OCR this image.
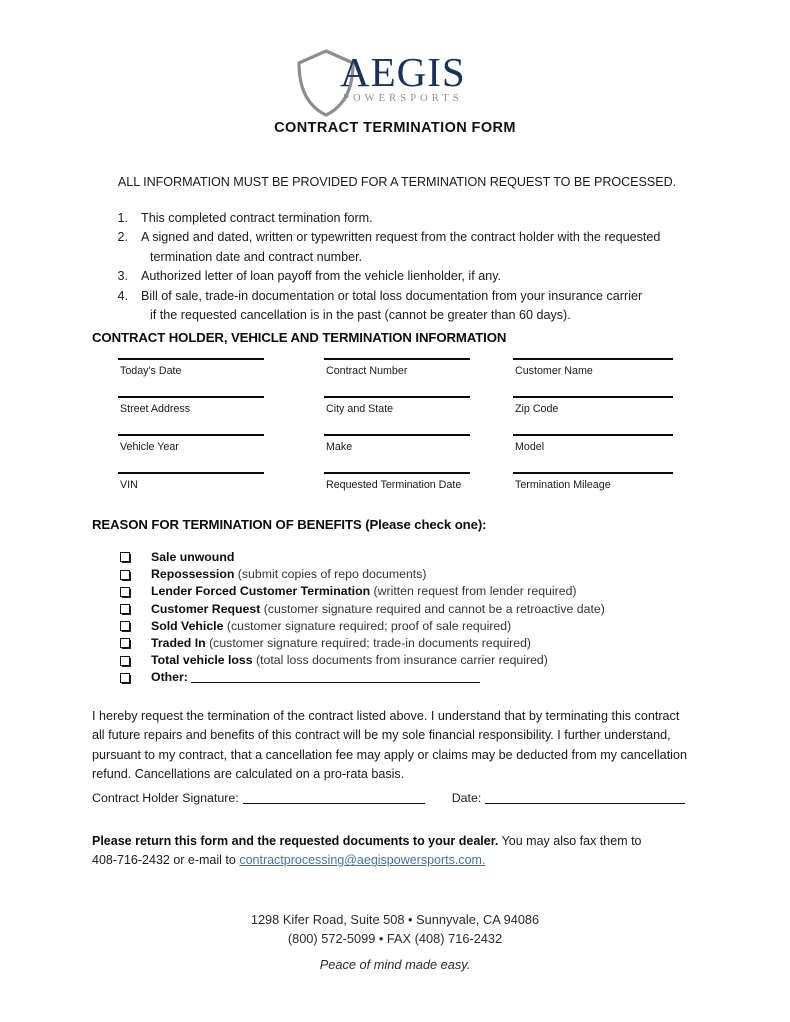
AEGIS
POWERSPORTS
CONTRACT TERMINATION FORM
ALL INFORMATION MUST BE PROVIDED FOR A TERMINATION REQUEST TO BE PROCESSED.
1. This completed contract termination form.
2. A signed and dated, written or typewritten request from the contract holder with the requested
termination date and contract number.
3. Authorized letter of loan payoff from the vehicle lienholder, if any.
4. Bill of sale, trade-in documentation or total loss documentation from your insurance carrier
if the requested cancellation is in the past (cannot be greater than 60 days).
CONTRACT HOLDER, VEHICLE AND TERMINATION INFORMATION
Today's Date	Contract Number	Customer Name
Street Address	City and State	Zip Code
Vehicle Year	Make	Model
VIN	Requested Termination Date	Termination Mileage
REASON FOR TERMINATION OF BENEFITS (Please check one):
Sale unwound
Repossession (submit copies of repo documents)
Lender Forced Customer Termination (written request from lender required)
Customer Request (customer signature required and cannot be a retroactive date)
Sold Vehicle (customer signature required; proof of sale required)
Traded In (customer signature required; trade-in documents required)
Total vehicle loss (total loss documents from insurance carrier required)
Other:
I hereby request the termination of the contract listed above. I understand that by terminating this contract all future repairs and benefits of this contract will be my sole financial responsibility. I further understand, pursuant to my contract, that a cancellation fee may apply or claims may be deducted from my cancellation refund. Cancellations are calculated on a pro-rata basis.
Contract Holder Signature:	Date:
Please return this form and the requested documents to your dealer. You may also fax them to
408-716-2432 or e-mail to contractprocessing@aegispowersports.com.
1298 Kifer Road, Suite 508 • Sunnyvale, CA 94086
(800) 572-5099 • FAX (408) 716-2432
Peace of mind made easy.
